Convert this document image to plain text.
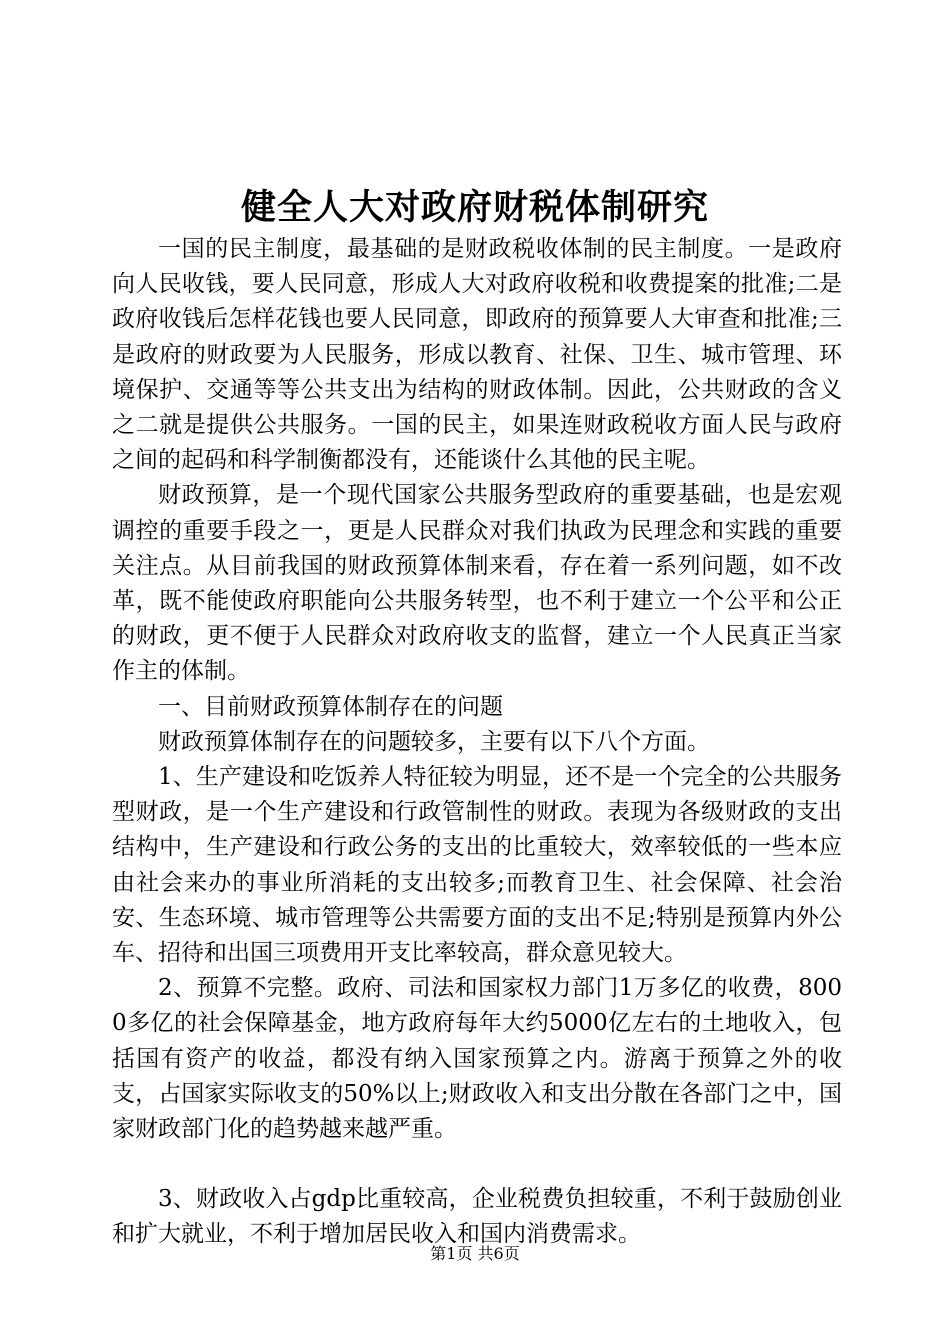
健全人大对政府财税体制研究

一国的民主制度，最基础的是财政税收体制的民主制度。一是政府向人民收钱，要人民同意，形成人大对政府收税和收费提案的批准;二是政府收钱后怎样花钱也要人民同意，即政府的预算要人大审查和批准;三是政府的财政要为人民服务，形成以教育、社保、卫生、城市管理、环境保护、交通等等公共支出为结构的财政体制。因此，公共财政的含义之二就是提供公共服务。一国的民主，如果连财政税收方面人民与政府之间的起码和科学制衡都没有，还能谈什么其他的民主呢。

财政预算，是一个现代国家公共服务型政府的重要基础，也是宏观调控的重要手段之一，更是人民群众对我们执政为民理念和实践的重要关注点。从目前我国的财政预算体制来看，存在着一系列问题，如不改革，既不能使政府职能向公共服务转型，也不利于建立一个公平和公正的财政，更不便于人民群众对政府收支的监督，建立一个人民真正当家作主的体制。

一、目前财政预算体制存在的问题

财政预算体制存在的问题较多，主要有以下八个方面。

1、生产建设和吃饭养人特征较为明显，还不是一个完全的公共服务型财政，是一个生产建设和行政管制性的财政。表现为各级财政的支出结构中，生产建设和行政公务的支出的比重较大，效率较低的一些本应由社会来办的事业所消耗的支出较多;而教育卫生、社会保障、社会治安、生态环境、城市管理等公共需要方面的支出不足;特别是预算内外公车、招待和出国三项费用开支比率较高，群众意见较大。

2、预算不完整。政府、司法和国家权力部门1万多亿的收费，8000多亿的社会保障基金，地方政府每年大约5000亿左右的土地收入，包括国有资产的收益，都没有纳入国家预算之内。游离于预算之外的收支，占国家实际收支的50%以上;财政收入和支出分散在各部门之中，国家财政部门化的趋势越来越严重。

3、财政收入占gdp比重较高，企业税费负担较重，不利于鼓励创业和扩大就业，不利于增加居民收入和国内消费需求。

第1页 共6页
